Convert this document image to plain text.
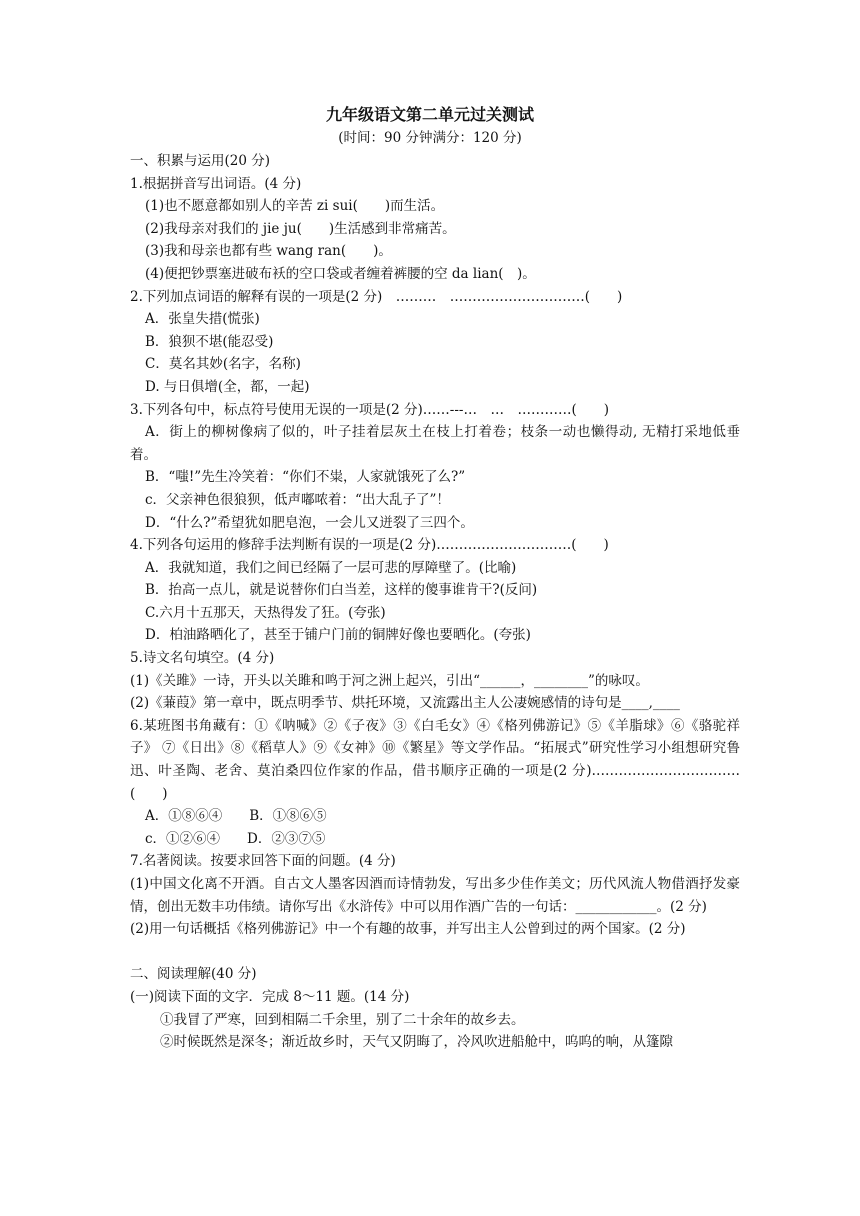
九年级语文第二单元过关测试
(时间：90 分钟满分：120 分)
一、积累与运用(20 分)
1.根据拼音写出词语。(4 分)
(1)也不愿意都如别人的辛苦 zi sui(　　)而生活。
(2)我母亲对我们的 jie ju(　　)生活感到非常痛苦。
(3)我和母亲也都有些 wang ran(　　)。
(4)便把钞票塞进破布袄的空口袋或者缠着裤腰的空 da lian(　)。
2.下列加点词语的解释有误的一项是(2 分)　………　…………………………(　　)
A．张皇失措(慌张)
B．狼狈不堪(能忍受)
C．莫名其妙(名字，名称)
D. 与日俱增(全，都，一起)
3.下列各句中，标点符号使用无误的一项是(2 分)……---…　…　…………(　　)
A．街上的柳树像病了似的，叶子挂着层灰土在枝上打着卷；枝条一动也懒得动, 无精打采地低垂着。
B．“嗤!”先生冷笑着：“你们不粜，人家就饿死了么?”
c．父亲神色很狼狈，低声嘟哝着：“出大乱子了”！
D．“什么?”希望犹如肥皂泡，一会儿又迸裂了三四个。
4.下列各句运用的修辞手法判断有误的一项是(2 分)…………………………(　　)
A．我就知道，我们之间已经隔了一层可悲的厚障壁了。(比喻)
B．抬高一点儿，就是说替你们白当差，这样的傻事谁肯干?(反问)
C.六月十五那天，天热得发了狂。(夸张)
D．柏油路晒化了，甚至于铺户门前的铜牌好像也要晒化。(夸张)
5.诗文名句填空。(4 分)
(1)《关雎》一诗，开头以关雎和鸣于河之洲上起兴，引出“______，________”的咏叹。
(2)《蒹葭》第一章中，既点明季节、烘托环境，又流露出主人公凄婉感情的诗句是____,____
6.某班图书角藏有：①《呐喊》②《子夜》③《白毛女》④《格列佛游记》⑤《羊脂球》⑥《骆驼祥子》 ⑦《日出》⑧《稻草人》⑨《女神》⑩《繁星》等文学作品。“拓展式”研究性学习小组想研究鲁迅、叶圣陶、老舍、莫泊桑四位作家的作品，借书顺序正确的一项是(2 分)……………………………(　　)
A．①⑧⑥④　　B．①⑧⑥⑤
c．①②⑥④　　D．②③⑦⑤
7.名著阅读。按要求回答下面的问题。(4 分)
(1)中国文化离不开酒。自古文人墨客因酒而诗情勃发，写出多少佳作美文；历代风流人物借酒抒发豪情，创出无数丰功伟绩。请你写出《水浒传》中可以用作酒广告的一句话：____________。(2 分)
(2)用一句话概括《格列佛游记》中一个有趣的故事，并写出主人公曾到过的两个国家。(2 分)
二、阅读理解(40 分)
(一)阅读下面的文字．完成 8～11 题。(14 分)
①我冒了严寒，回到相隔二千余里，别了二十余年的故乡去。
②时候既然是深冬；渐近故乡时，天气又阴晦了，冷风吹进船舱中，呜呜的响，从篷隙
